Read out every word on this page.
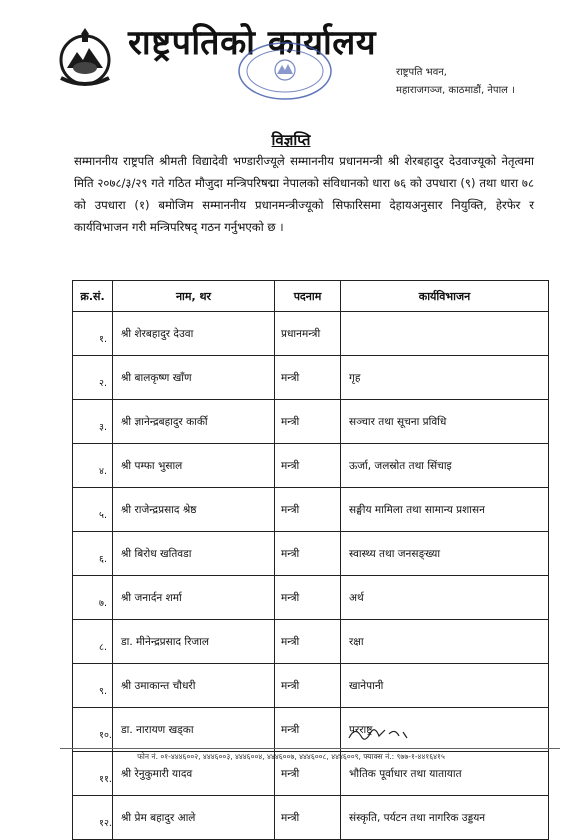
राष्ट्रपतिको कार्यालय
राष्ट्रपति भवन,
महाराजगञ्ज, काठमाडौं, नेपाल ।
विज्ञप्ति
सम्माननीय राष्ट्रपति श्रीमती विद्यादेवी भण्डारीज्यूले सम्माननीय प्रधानमन्त्री श्री शेरबहादुर देउवाज्यूको नेतृत्वमा मिति २०७८/३/२९ गते गठित मौजुदा मन्त्रिपरिषद्मा नेपालको संविधानको धारा ७६ को उपधारा (९) तथा धारा ७८ को उपधारा (१) बमोजिम सम्माननीय प्रधानमन्त्रीज्यूको सिफारिसमा देहायअनुसार नियुक्ति, हेरफेर र कार्यविभाजन गरी मन्त्रिपरिषद् गठन गर्नुभएको छ ।
क्र.सं.	नाम, थर	पदनाम	कार्यविभाजन
१.	श्री शेरबहादुर देउवा	प्रधानमन्त्री	
२.	श्री बालकृष्ण खाँण	मन्त्री	गृह
३.	श्री ज्ञानेन्द्रबहादुर कार्की	मन्त्री	सञ्चार तथा सूचना प्रविधि
४.	श्री पम्फा भुसाल	मन्त्री	ऊर्जा, जलस्रोत तथा सिंचाइ
५.	श्री राजेन्द्रप्रसाद श्रेष्ठ	मन्त्री	सङ्घीय मामिला तथा सामान्य प्रशासन
६.	श्री बिरोध खतिवडा	मन्त्री	स्वास्थ्य तथा जनसङ्ख्या
७.	श्री जनार्दन शर्मा	मन्त्री	अर्थ
८.	डा. मीनेन्द्रप्रसाद रिजाल	मन्त्री	रक्षा
९.	श्री उमाकान्त चौधरी	मन्त्री	खानेपानी
१०.	डा. नारायण खड्का	मन्त्री	परराष्ट्र
११.	श्री रेनुकुमारी यादव	मन्त्री	भौतिक पूर्वाधार तथा यातायात
१२.	श्री प्रेम बहादुर आले	मन्त्री	संस्कृति, पर्यटन तथा नागरिक उड्डयन
फोन नं. ०१-४४४६००२, ४४४६००३, ४४४६००४, ४४४६००७, ४४४६००८, ४४४६००९, फ्याक्स नं.: ९७७-१-४४१६४१५
